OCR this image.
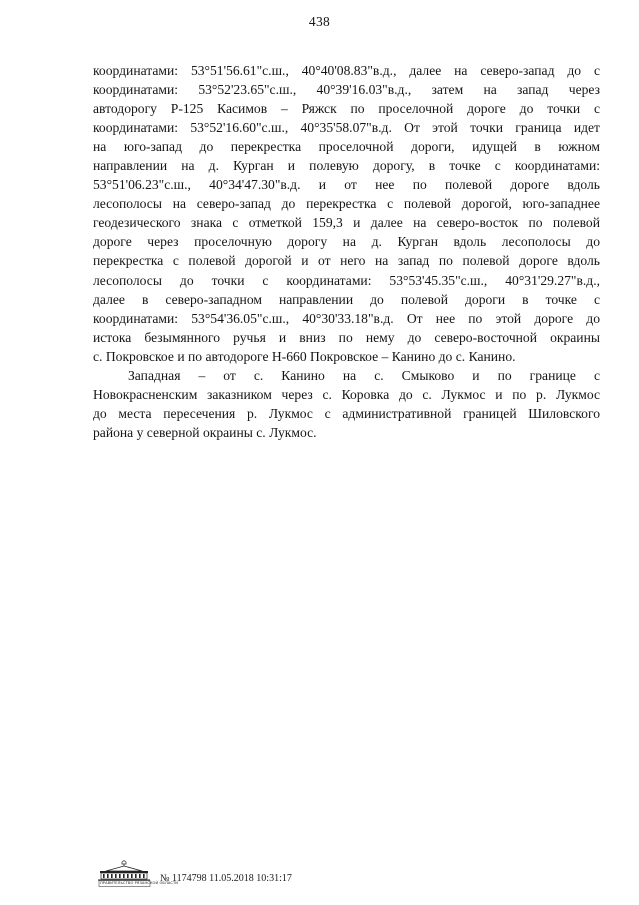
438
координатами: 53°51'56.61"с.ш., 40°40'08.83"в.д., далее на северо-запад до с
координатами: 53°52'23.65"с.ш., 40°39'16.03"в.д., затем на запад через
автодорогу Р-125 Касимов – Ряжск по проселочной дороге до точки с
координатами: 53°52'16.60"с.ш., 40°35'58.07"в.д. От этой точки граница идет
на юго-запад до перекрестка проселочной дороги, идущей в южном
направлении на д. Курган и полевую дорогу, в точке с координатами:
53°51'06.23"с.ш., 40°34'47.30"в.д. и от нее по полевой дороге вдоль
лесополосы на северо-запад до перекрестка с полевой дорогой, юго-западнее
геодезического знака с отметкой 159,3 и далее на северо-восток по полевой
дороге через проселочную дорогу на д. Курган вдоль лесополосы до
перекрестка с полевой дорогой и от него на запад по полевой дороге вдоль
лесополосы до точки с координатами: 53°53'45.35"с.ш., 40°31'29.27"в.д.,
далее в северо-западном направлении до полевой дороги в точке с
координатами: 53°54'36.05"с.ш., 40°30'33.18"в.д. От нее по этой дороге до
истока безымянного ручья и вниз по нему до северо-восточной окраины
с. Покровское и по автодороге Н-660 Покровское – Канино до с. Канино.
Западная – от с. Канино на с. Смыково и по границе с
Новокрасненским заказником через с. Коровка до с. Лукмос и по р. Лукмос
до места пересечения р. Лукмос с административной границей Шиловского
района у северной окраины с. Лукмос.
ПРАВИТЕЛЬСТВО РЯЗАНСКОЙ ОБЛАСТИ
№ 1174798 11.05.2018 10:31:17
